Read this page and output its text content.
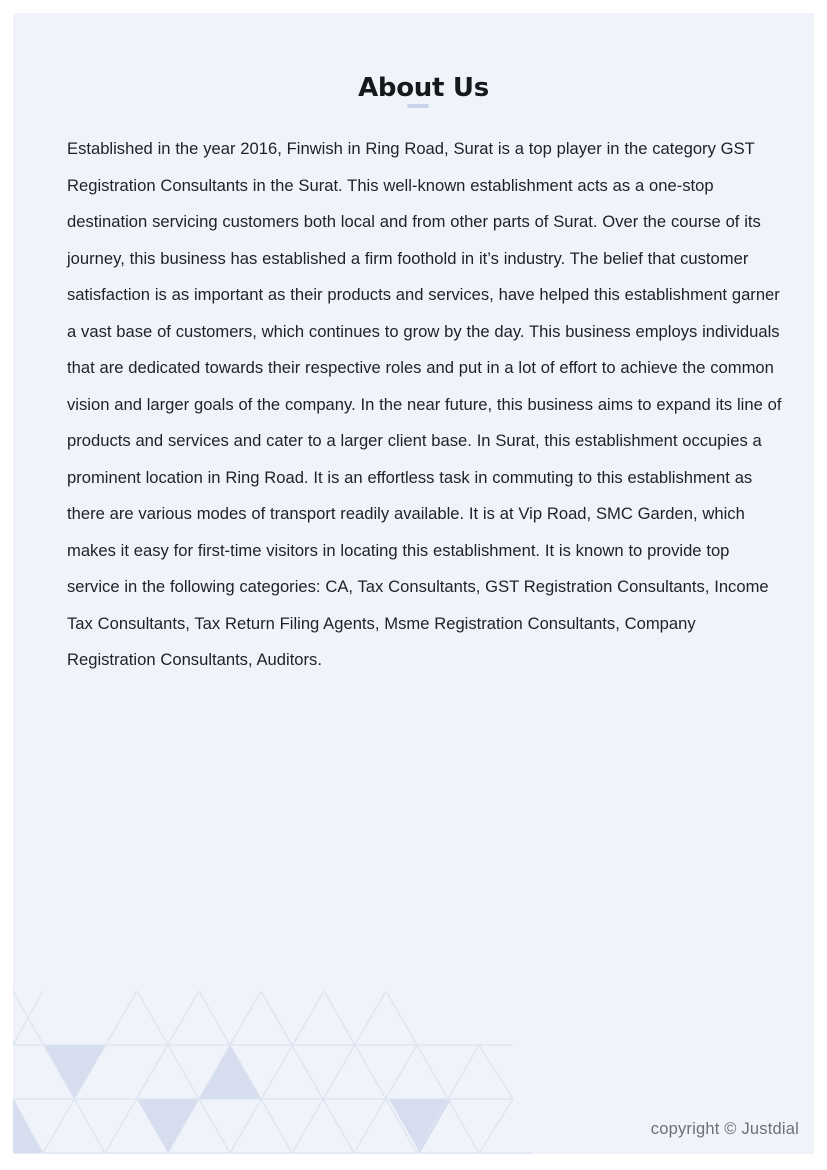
About Us

Established in the year 2016, Finwish in Ring Road, Surat is a top player in the category GST Registration Consultants in the Surat. This well-known establishment acts as a one-stop destination servicing customers both local and from other parts of Surat. Over the course of its journey, this business has established a firm foothold in it’s industry. The belief that customer satisfaction is as important as their products and services, have helped this establishment garner a vast base of customers, which continues to grow by the day. This business employs individuals that are dedicated towards their respective roles and put in a lot of effort to achieve the common vision and larger goals of the company. In the near future, this business aims to expand its line of products and services and cater to a larger client base. In Surat, this establishment occupies a prominent location in Ring Road. It is an effortless task in commuting to this establishment as there are various modes of transport readily available. It is at Vip Road, SMC Garden, which makes it easy for first-time visitors in locating this establishment. It is known to provide top service in the following categories: CA, Tax Consultants, GST Registration Consultants, Income Tax Consultants, Tax Return Filing Agents, Msme Registration Consultants, Company Registration Consultants, Auditors.

copyright © Justdial
